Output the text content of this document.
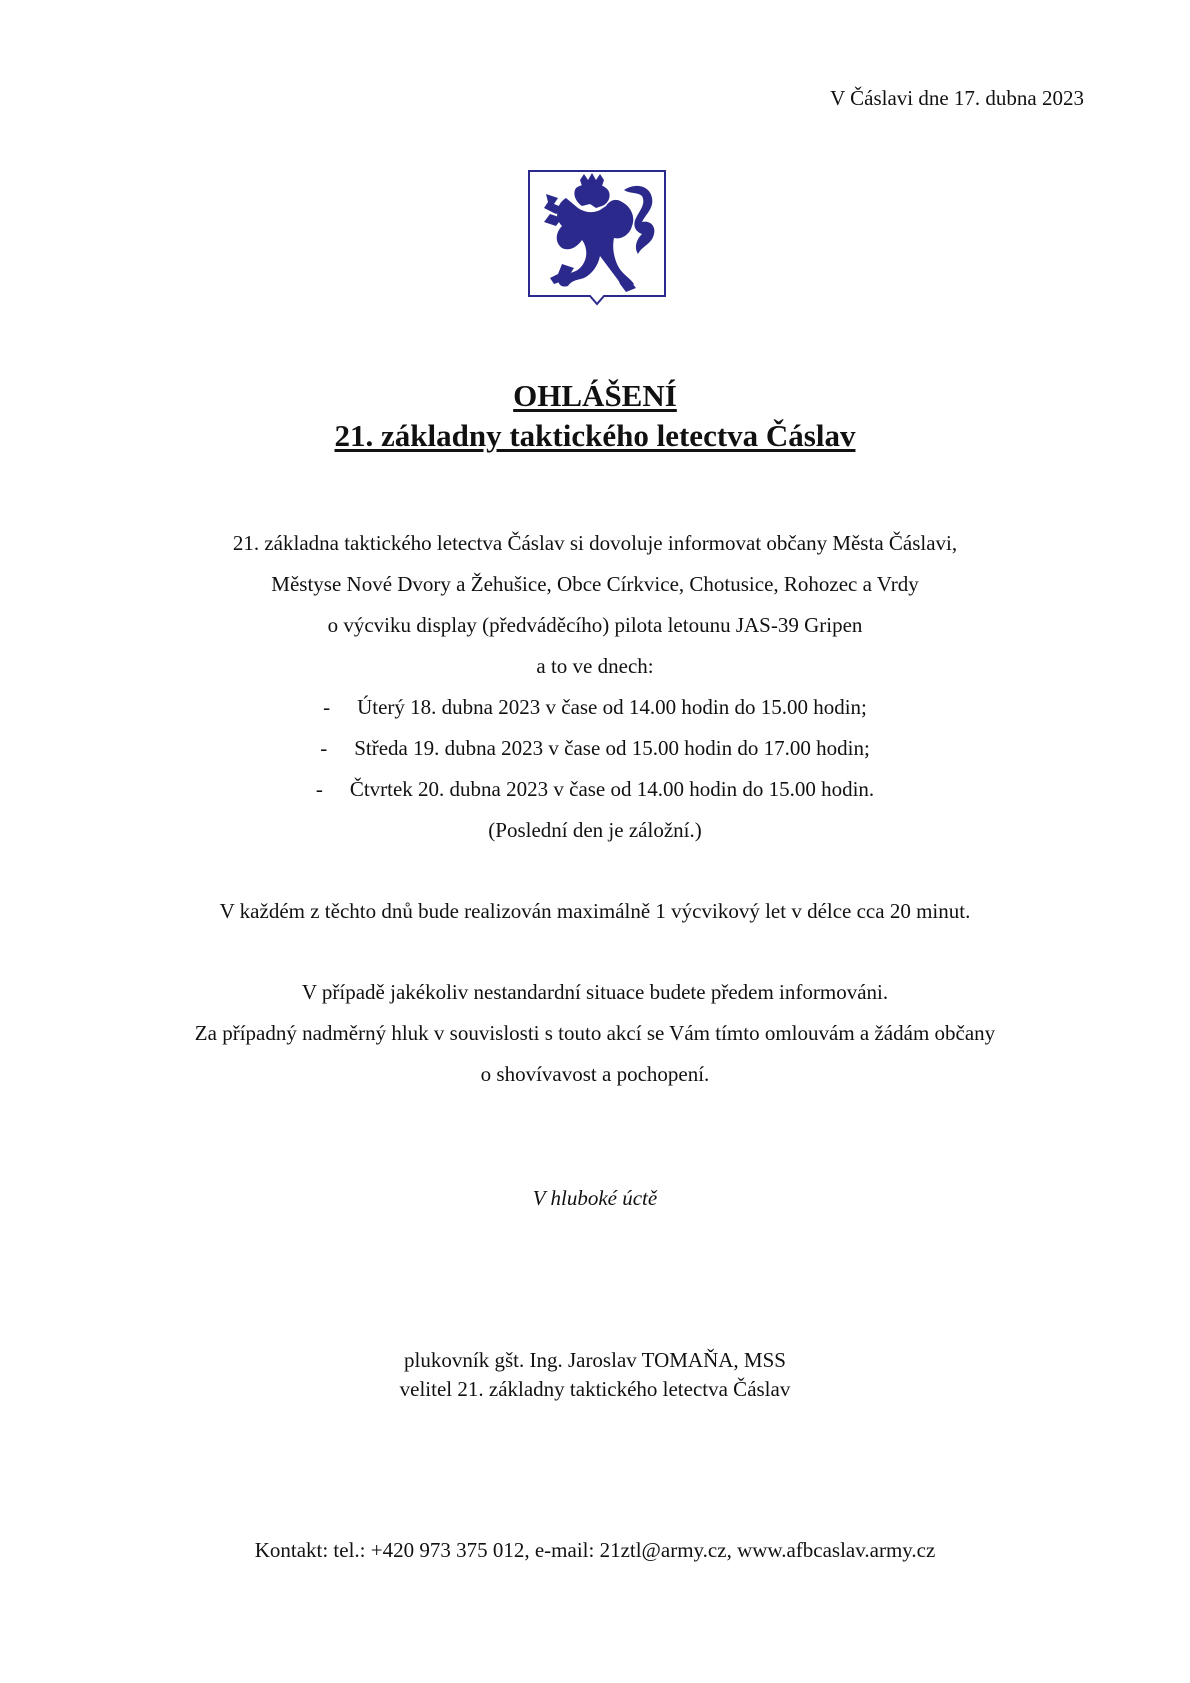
V Čáslavi dne 17. dubna 2023
OHLÁŠENÍ
21. základny taktického letectva Čáslav
21. základna taktického letectva Čáslav si dovoluje informovat občany Města Čáslavi,
Městyse Nové Dvory a Žehušice, Obce Církvice, Chotusice, Rohozec a Vrdy
o výcviku display (předváděcího) pilota letounu JAS-39 Gripen
a to ve dnech:
- Úterý 18. dubna 2023 v čase od 14.00 hodin do 15.00 hodin;
- Středa 19. dubna 2023 v čase od 15.00 hodin do 17.00 hodin;
- Čtvrtek 20. dubna 2023 v čase od 14.00 hodin do 15.00 hodin.
(Poslední den je záložní.)
V každém z těchto dnů bude realizován maximálně 1 výcvikový let v délce cca 20 minut.
V případě jakékoliv nestandardní situace budete předem informováni.
Za případný nadměrný hluk v souvislosti s touto akcí se Vám tímto omlouvám a žádám občany
o shovívavost a pochopení.
V hluboké úctě
plukovník gšt. Ing. Jaroslav TOMAŇA, MSS
velitel 21. základny taktického letectva Čáslav
Kontakt: tel.: +420 973 375 012, e-mail: 21ztl@army.cz, www.afbcaslav.army.cz
